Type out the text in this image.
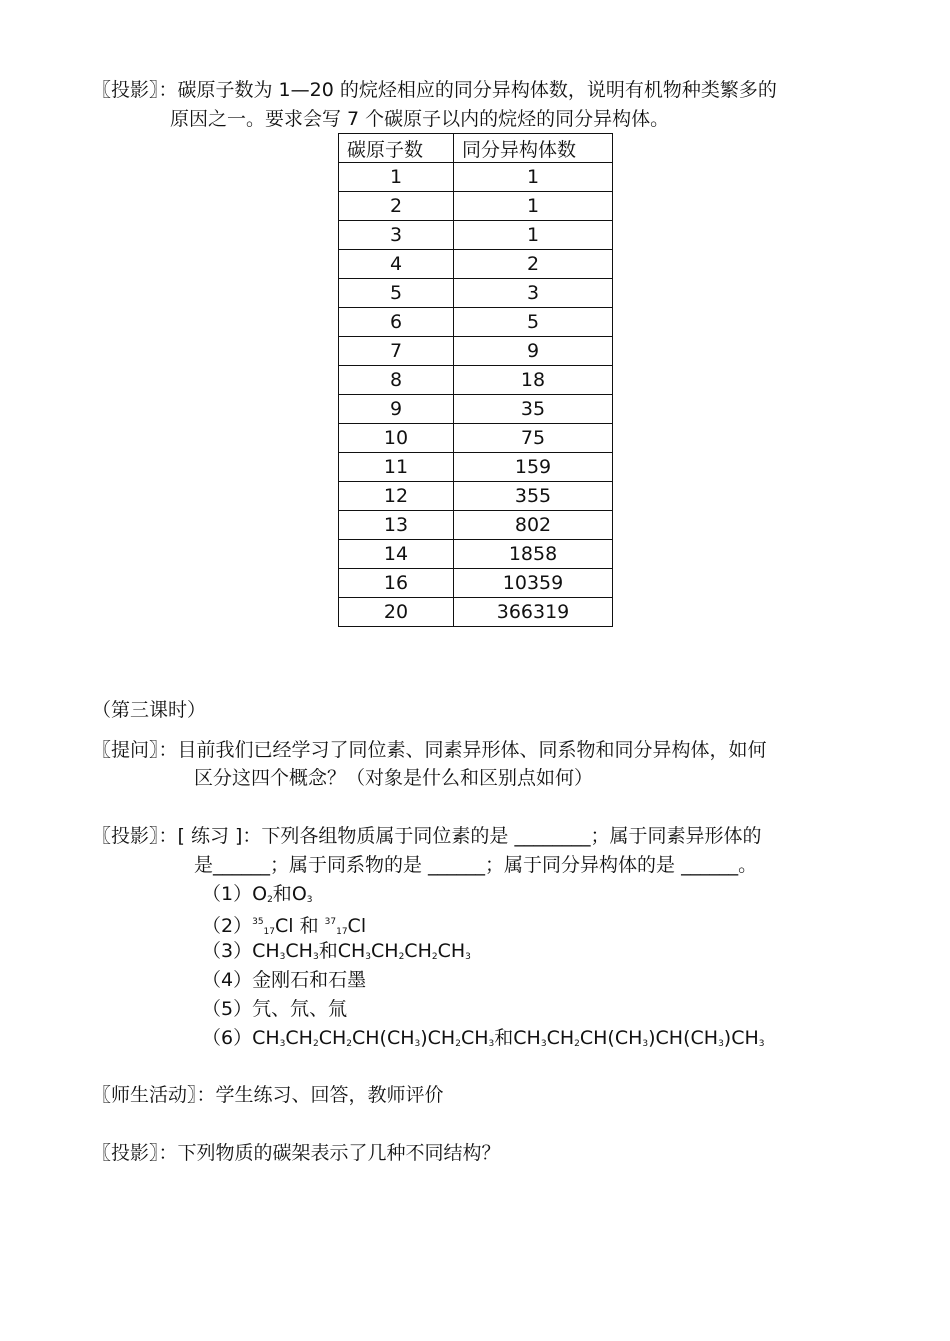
〖投影〗：碳原子数为 1—20 的烷烃相应的同分异构体数，说明有机物种类繁多的
原因之一。要求会写 7 个碳原子以内的烷烃的同分异构体。
碳原子数	同分异构体数
1	1
2	1
3	1
4	2
5	3
6	5
7	9
8	18
9	35
10	75
11	159
12	355
13	802
14	1858
16	10359
20	366319
（第三课时）
〖提问〗：目前我们已经学习了同位素、同素异形体、同系物和同分异构体，如何
区分这四个概念？（对象是什么和区别点如何）
〖投影〗：[ 练习 ]：下列各组物质属于同位素的是 ________；属于同素异形体的
是______；属于同系物的是 ______；属于同分异构体的是 ______。
$(1)O_2$和$O_3$
$(2)^{35}_{17}Cl$ 和 $^{37}_{17}$Cl
$(3)CH_3CH_3$和$CH_3CH_2CH_2CH_3$
（4）金刚石和石墨
（5）氕、氘、氚
$(6)CH_3CH_2CH_2CH(CH_3)CH_2CH_3$和$CH_3CH_2CH(CH_3)CH(CH_3)CH_3$
〖师生活动〗：学生练习、回答，教师评价
〖投影〗：下列物质的碳架表示了几种不同结构？
